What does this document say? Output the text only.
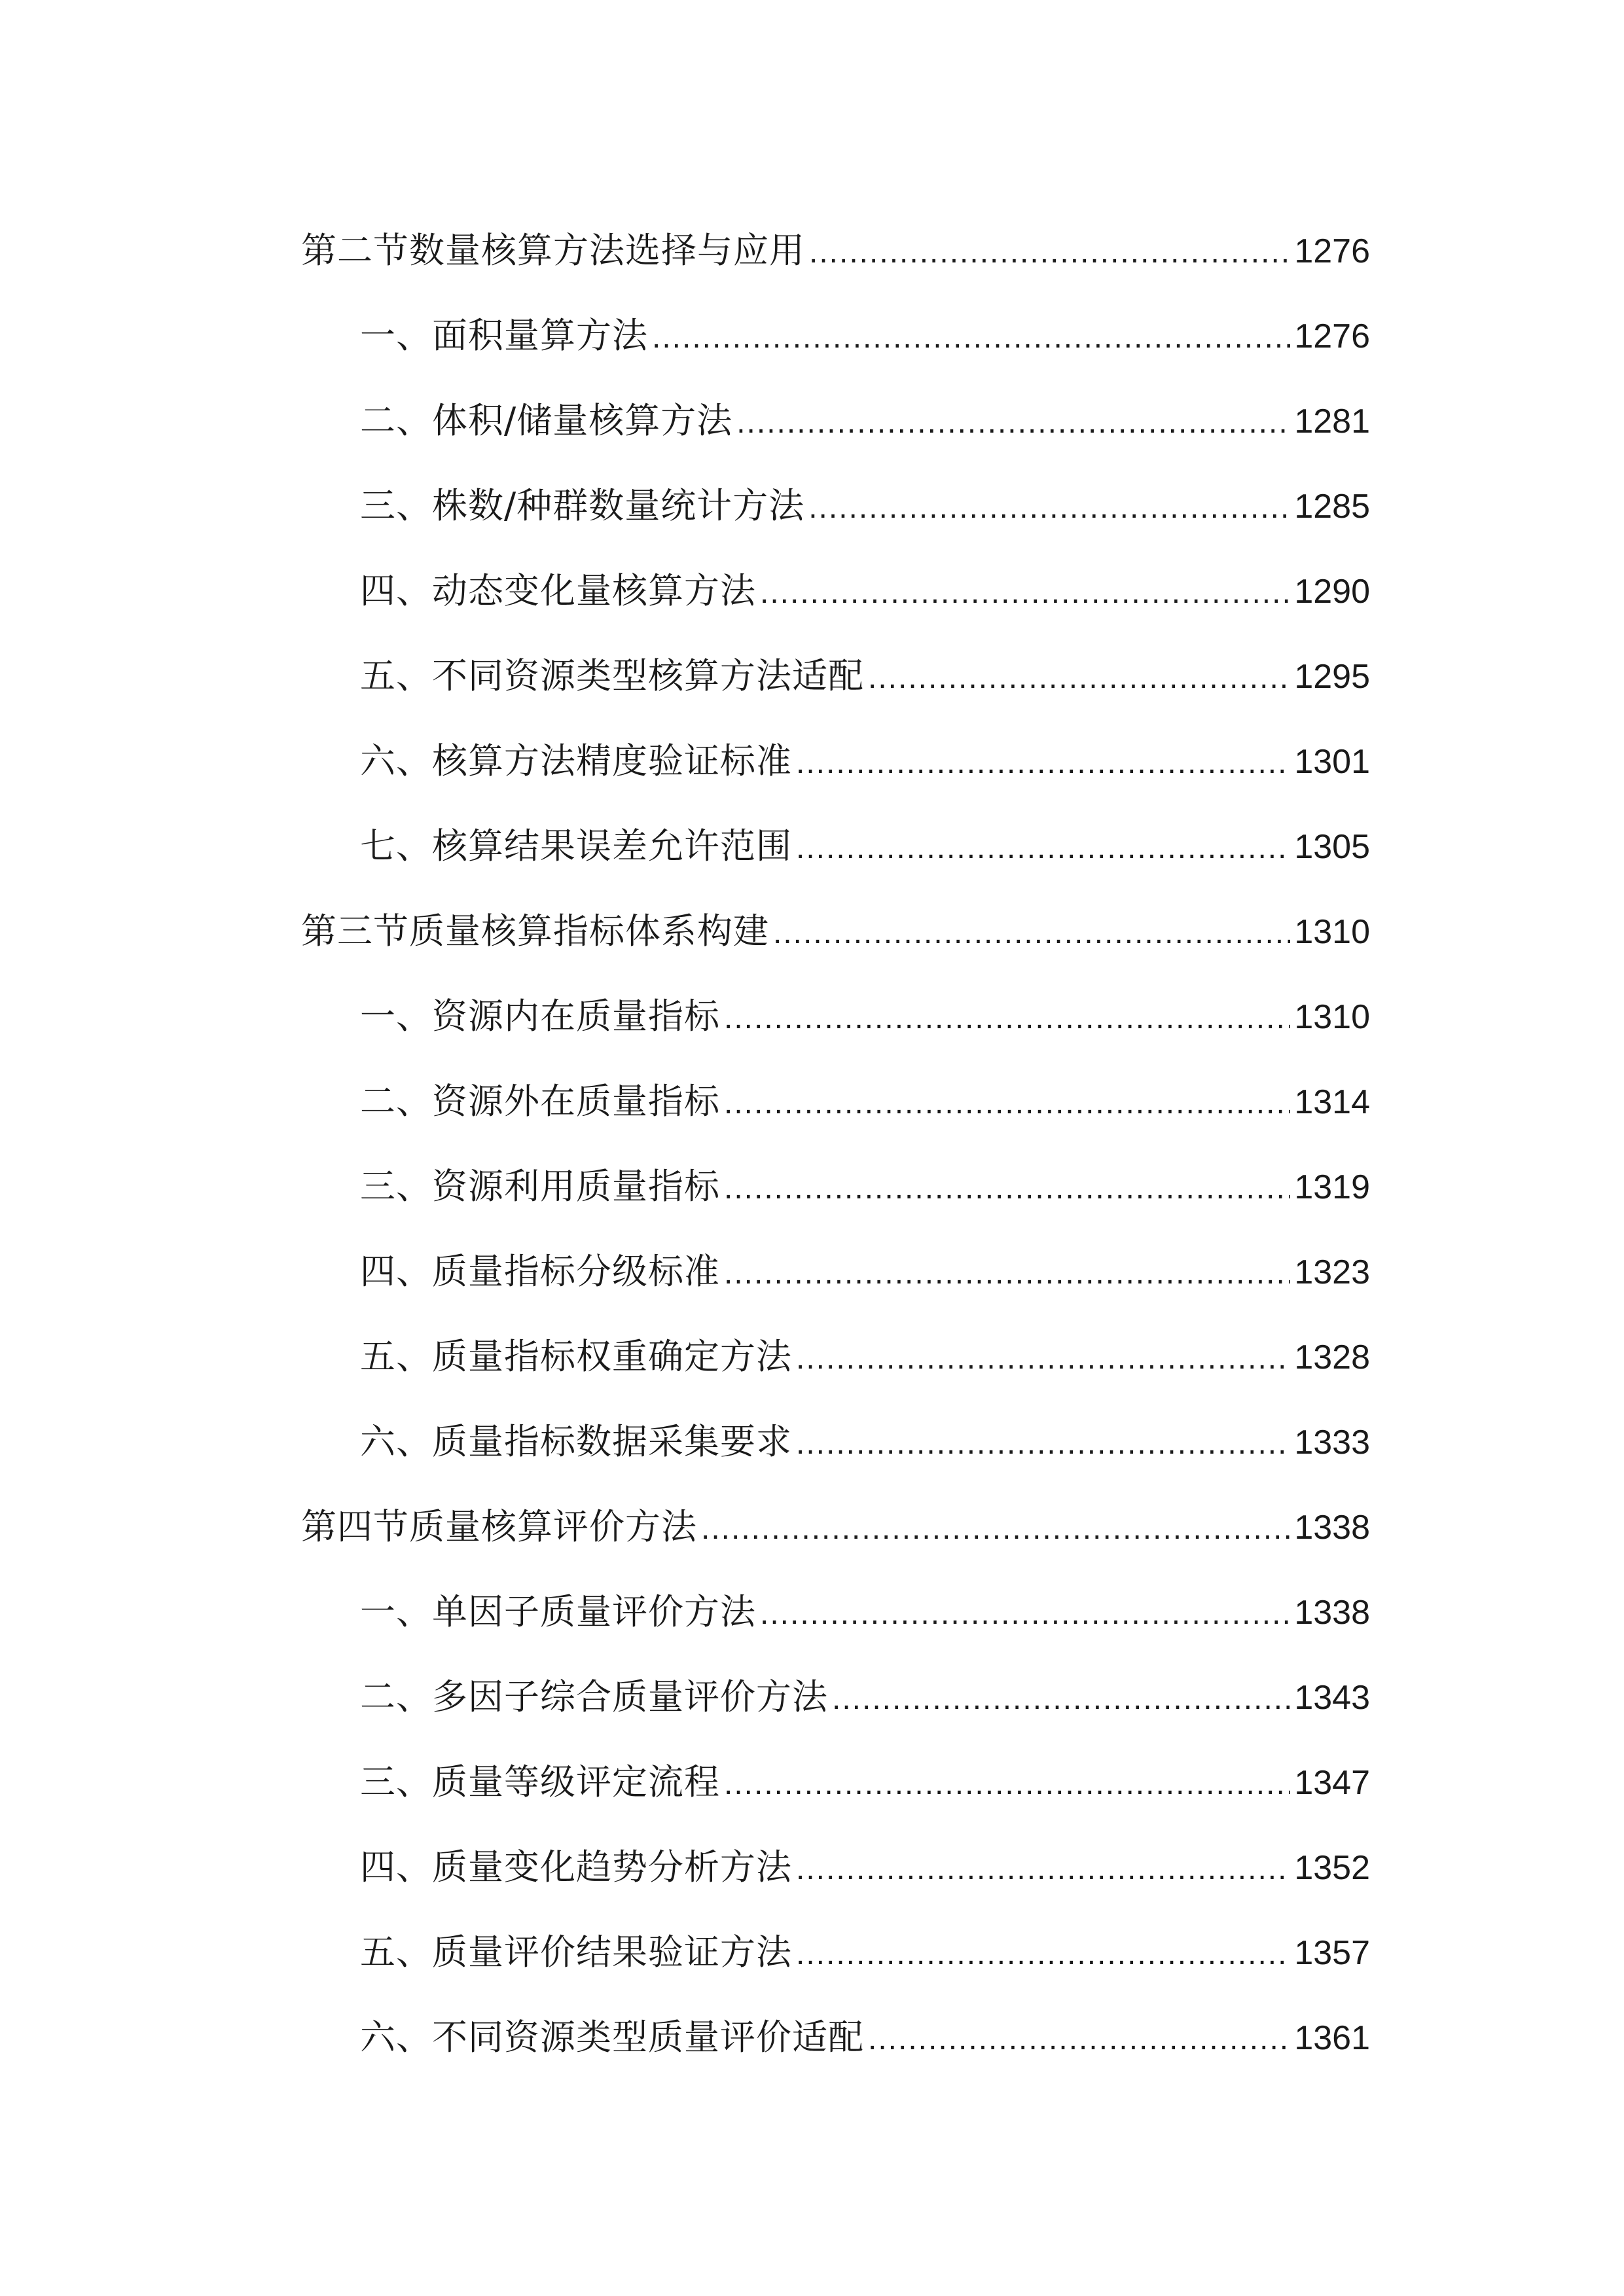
第二节数量核算方法选择与应用 .....	1276
一、面积量算方法 .....	1276
二、体积/储量核算方法 .....	1281
三、株数/种群数量统计方法 .....	1285
四、动态变化量核算方法 .....	1290
五、不同资源类型核算方法适配 .....	1295
六、核算方法精度验证标准 .....	1301
七、核算结果误差允许范围 .....	1305
第三节质量核算指标体系构建 .....	1310
一、资源内在质量指标 .....	1310
二、资源外在质量指标 .....	1314
三、资源利用质量指标 .....	1319
四、质量指标分级标准 .....	1323
五、质量指标权重确定方法 .....	1328
六、质量指标数据采集要求 .....	1333
第四节质量核算评价方法 .....	1338
一、单因子质量评价方法 .....	1338
二、多因子综合质量评价方法 .....	1343
三、质量等级评定流程 .....	1347
四、质量变化趋势分析方法 .....	1352
五、质量评价结果验证方法 .....	1357
六、不同资源类型质量评价适配 .....	1361
